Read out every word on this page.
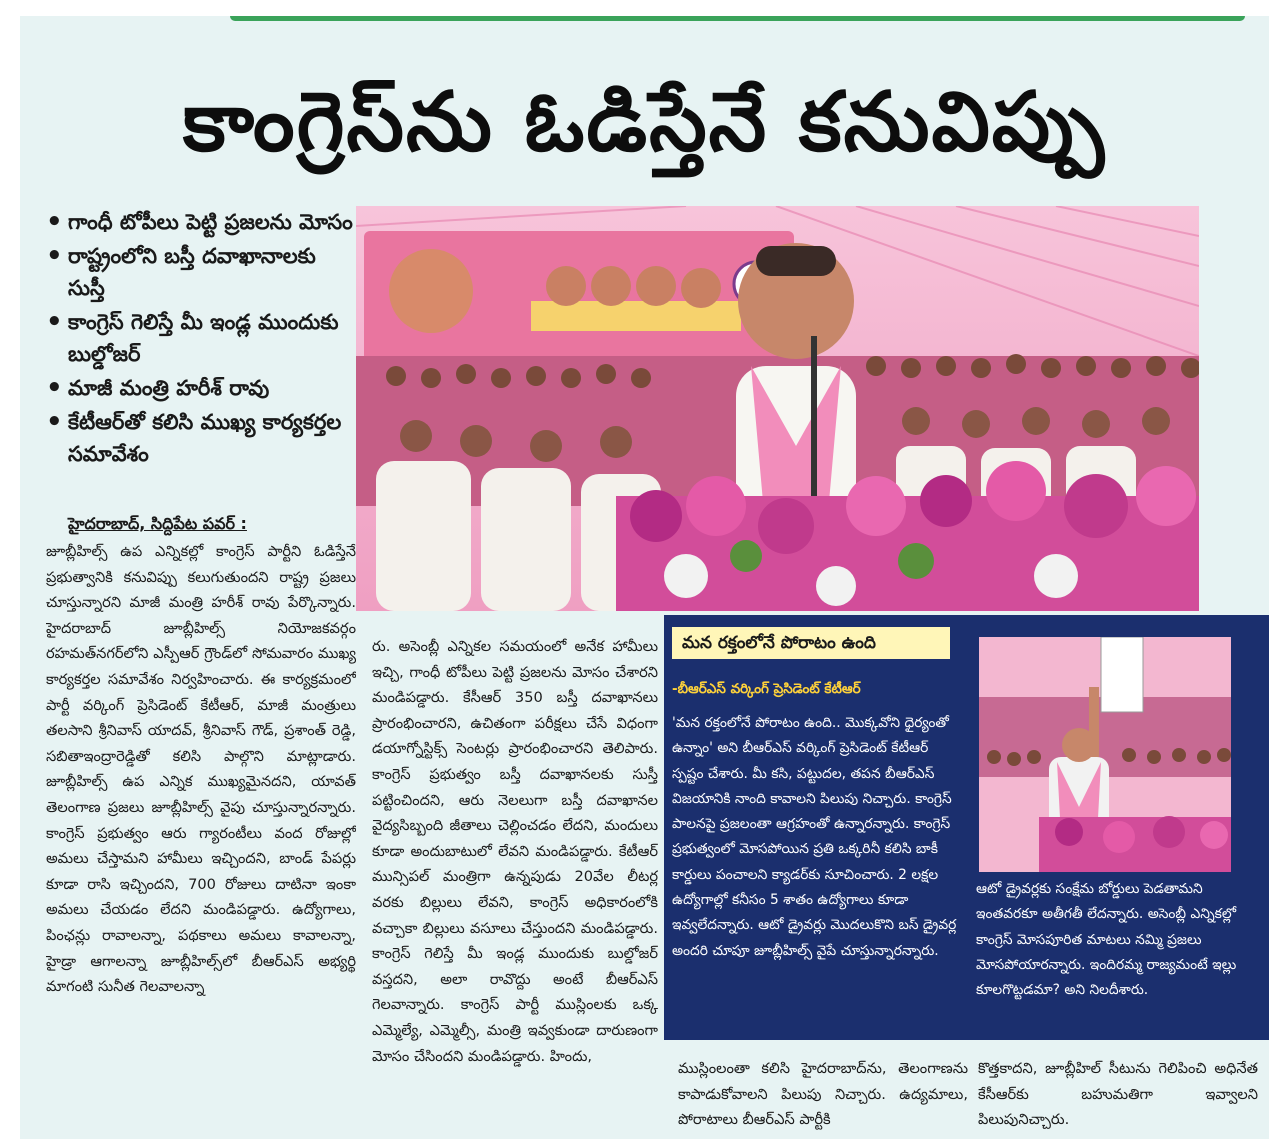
కాంగ్రెస్‌ను ఓడిస్తేనే కనువిప్పు
• గాంధీ టోపీలు పెట్టి ప్రజలను మోసం
• రాష్ట్రంలోని బస్తీ దవాఖానాలకు సుస్తీ
• కాంగ్రెస్ గెలిస్తే మీ ఇండ్ల ముందుకు బుల్డోజర్
• మాజీ మంత్రి హరీశ్ రావు
• కేటీఆర్‌తో కలిసి ముఖ్య కార్యకర్తల సమావేశం
హైదరాబాద్, సిద్దిపేట పవర్ :

జూబ్లీహిల్స్ ఉప ఎన్నికల్లో కాంగ్రెస్ పార్టీని ఓడిస్తేనే ప్రభుత్వానికి కనువిప్పు కలుగుతుందని రాష్ట్ర ప్రజలు చూస్తున్నారని మాజీ మంత్రి హరీశ్ రావు పేర్కొన్నారు. హైదరాబాద్ జూబ్లీహిల్స్ నియోజకవర్గం రహమత్‌నగర్‌లోని ఎస్పీఆర్ గ్రౌండ్‌లో సోమవారం ముఖ్య కార్యకర్తల సమావేశం నిర్వహించారు. ఈ కార్యక్రమంలో పార్టీ వర్కింగ్ ప్రెసిడెంట్ కేటీఆర్, మాజీ మంత్రులు తలసాని శ్రీనివాస్ యాదవ్, శ్రీనివాస్ గౌడ్, ప్రశాంత్ రెడ్డి, సబితాఇంద్రారెడ్డితో కలిసి పాల్గొని మాట్లాడారు. జూబ్లీహిల్స్ ఉప ఎన్నిక ముఖ్యమైనదని, యావత్ తెలంగాణ ప్రజలు జూబ్లీహిల్స్ వైపు చూస్తున్నారన్నారు. కాంగ్రెస్ ప్రభుత్వం ఆరు గ్యారంటీలు వంద రోజుల్లో అమలు చేస్తామని హామీలు ఇచ్చిందని, బాండ్ పేపర్లు కూడా రాసి ఇచ్చిందని, 700 రోజులు దాటినా ఇంకా అమలు చేయడం లేదని మండిపడ్డారు. ఉద్యోగాలు, పింఛన్లు రావాలన్నా, పథకాలు అమలు కావాలన్నా, హైడ్రా ఆగాలన్నా జూబ్లీహిల్స్‌లో బీఆర్ఎస్ అభ్యర్థి మాగంటి సునీత గెలవాలన్నా

రు. అసెంబ్లీ ఎన్నికల సమయంలో అనేక హామీలు ఇచ్చి, గాంధీ టోపీలు పెట్టి ప్రజలను మోసం చేశారని మండిపడ్డారు. కేసీఆర్ 350 బస్తీ దవాఖానలు ప్రారంభించారని, ఉచితంగా పరీక్షలు చేసే విధంగా డయాగ్నోస్టిక్స్ సెంటర్లు ప్రారంభించారని తెలిపారు. కాంగ్రెస్ ప్రభుత్వం బస్తీ దవాఖానలకు సుస్తీ పట్టించిందని, ఆరు నెలలుగా బస్తీ దవాఖానల వైద్యసిబ్బంది జీతాలు చెల్లించడం లేదని, మందులు కూడా అందుబాటులో లేవని మండిపడ్డారు. కేటీఆర్ మున్సిపల్ మంత్రిగా ఉన్నపుడు 20వేల లీటర్ల వరకు బిల్లులు లేవని, కాంగ్రెస్ అధికారంలోకి వచ్చాకా బిల్లులు వసూలు చేస్తుందని మండిపడ్డారు. కాంగ్రెస్ గెలిస్తే మీ ఇండ్ల ముందుకు బుల్డోజర్ వస్తదని, అలా రావొద్దు అంటే బీఆర్ఎస్ గెలవాన్నారు. కాంగ్రెస్ పార్టీ ముస్లింలకు ఒక్క ఎమ్మెల్యే, ఎమ్మెల్సీ, మంత్రి ఇవ్వకుండా దారుణంగా మోసం చేసిందని మండిపడ్డారు. హిందు,

మన రక్తంలోనే పోరాటం ఉంది
-బీఆర్ఎస్ వర్కింగ్ ప్రెసిడెంట్ కేటీఆర్

'మన రక్తంలోనే పోరాటం ఉంది.. మొక్కవోని ధైర్యంతో ఉన్నాం' అని బీఆర్ఎస్ వర్కింగ్ ప్రెసిడెంట్ కేటీఆర్ స్పష్టం చేశారు. మీ కసి, పట్టుదల, తపన బీఆర్ఎస్ విజయానికి నాంది కావాలని పిలుపు నిచ్చారు. కాంగ్రెస్ పాలనపై ప్రజలంతా ఆగ్రహంతో ఉన్నారన్నారు. కాంగ్రెస్ ప్రభుత్వంలో మోసపోయిన ప్రతి ఒక్కరినీ కలిసి బాకీ కార్డులు పంచాలని క్యాడర్‌కు సూచించారు. 2 లక్షల ఉద్యోగాల్లో కనీసం 5 శాతం ఉద్యోగాలు కూడా ఇవ్వలేదన్నారు. ఆటో డ్రైవర్లు మొదలుకొని బస్ డ్రైవర్ల అందరి చూపూ జూబ్లీహిల్స్ వైపే చూస్తున్నారన్నారు.

ఆటో డ్రైవర్లకు సంక్షేమ బోర్డులు పెడతామని ఇంతవరకూ అతీగతీ లేదన్నారు. అసెంబ్లీ ఎన్నికల్లో కాంగ్రెస్ మోసపూరిత మాటలు నమ్మి ప్రజలు మోసపోయారన్నారు. ఇందిరమ్మ రాజ్యమంటే ఇల్లు కూలగొట్టడమా? అని నిలదీశారు.

ముస్లింలంతా కలిసి హైదరాబాద్‌ను, తెలంగాణను కాపాడుకోవాలని పిలుపు నిచ్చారు. ఉద్యమాలు, పోరాటాలు బీఆర్ఎస్ పార్టీకి

కొత్తకాదని, జూబ్లీహిల్ సీటును గెలిపించి అధినేత కేసీఆర్‌కు బహుమతిగా ఇవ్వాలని పిలుపునిచ్చారు.
